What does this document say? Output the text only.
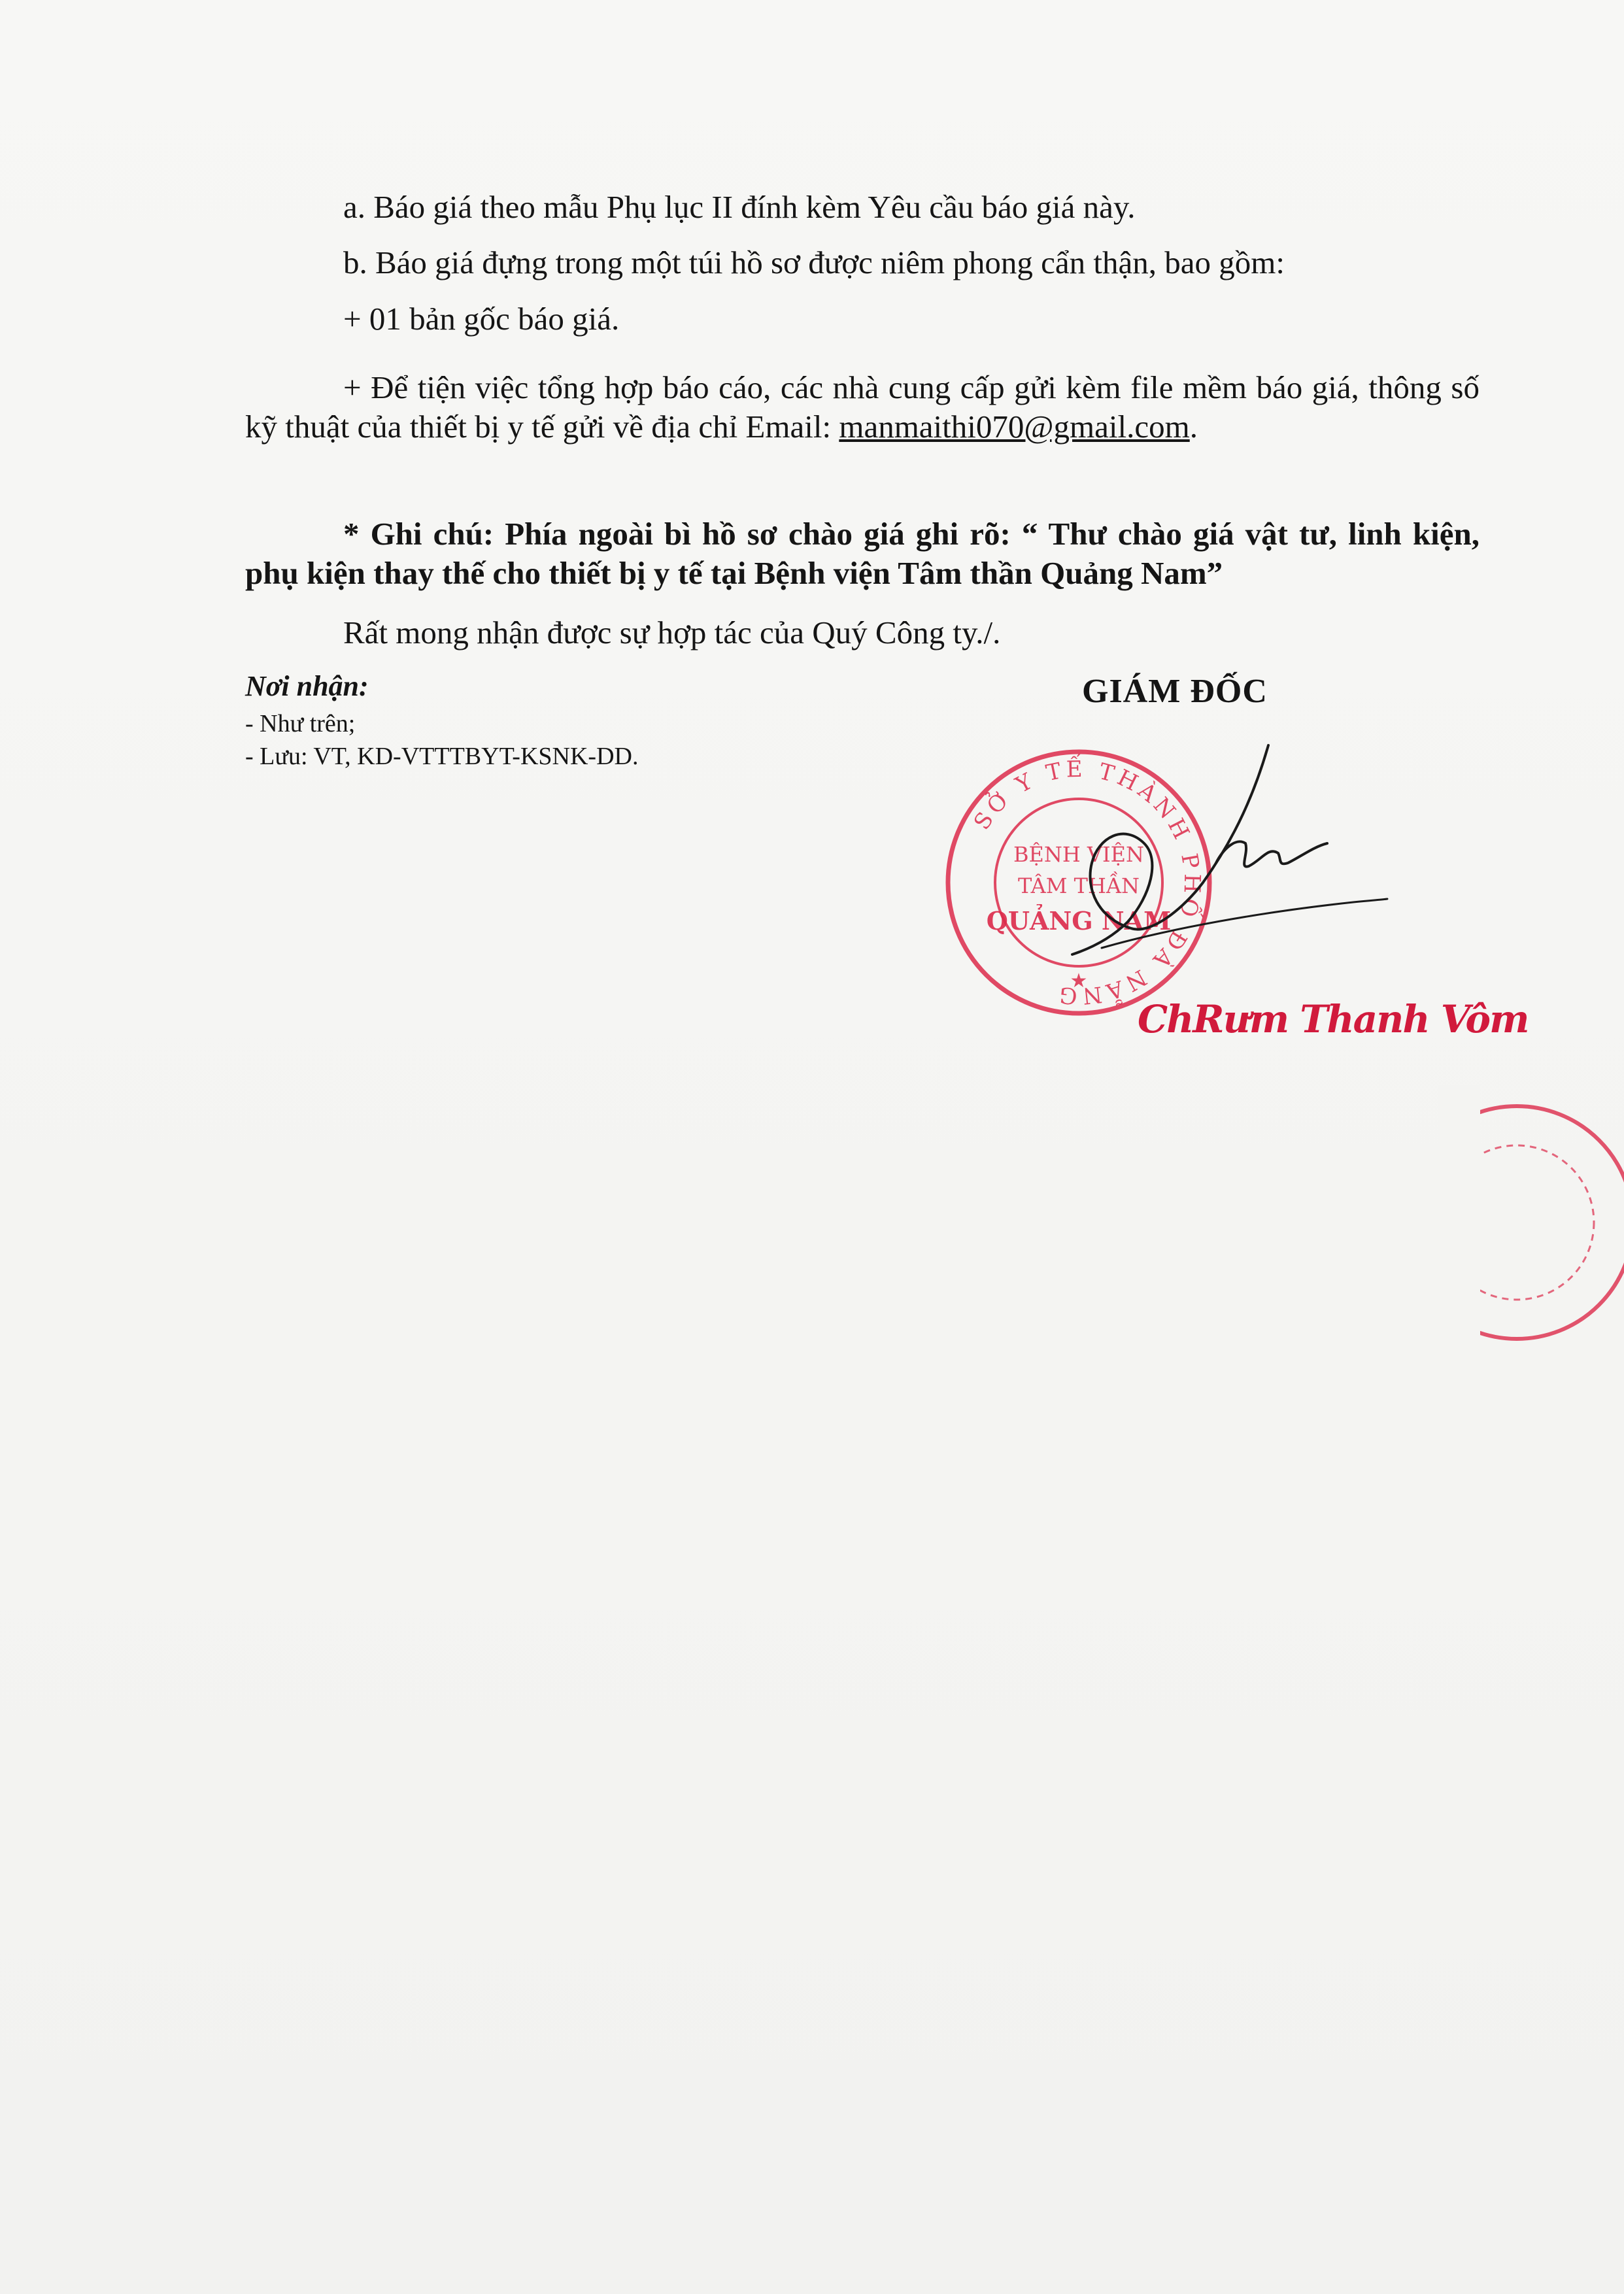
a. Báo giá theo mẫu Phụ lục II đính kèm Yêu cầu báo giá này.

b. Báo giá đựng trong một túi hồ sơ được niêm phong cẩn thận, bao gồm:

+ 01 bản gốc báo giá.

+ Để tiện việc tổng hợp báo cáo, các nhà cung cấp gửi kèm file mềm báo giá, thông số kỹ thuật của thiết bị y tế gửi về địa chỉ Email: manmaithi070@gmail.com.

* Ghi chú: Phía ngoài bì hồ sơ chào giá ghi rõ: “ Thư chào giá vật tư, linh kiện, phụ kiện thay thế cho thiết bị y tế tại Bệnh viện Tâm thần Quảng Nam”

Rất mong nhận được sự hợp tác của Quý Công ty./.

Nơi nhận:
- Như trên;
- Lưu: VT, KD-VTTTBYT-KSNK-DD.
GIÁM ĐỐC
SỞ Y TẾ THÀNH PHỐ ĐÀ NẴNG
BỆNH VIỆN
TÂM THẦN
QUẢNG NAM
★
ChRưm Thanh Vôm
